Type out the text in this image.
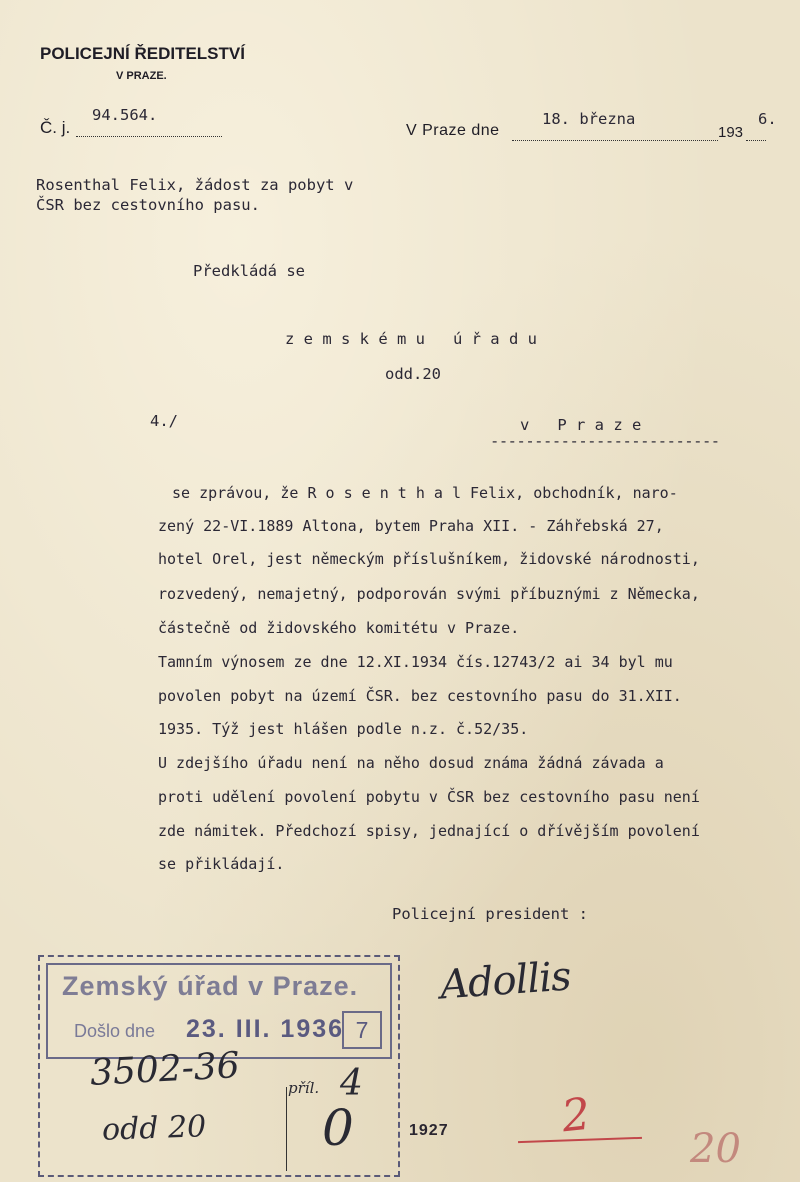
POLICEJNÍ ŘEDITELSTVÍ
V PRAZE.
Č. j.
94.564.
V Praze dne
18. března
193
6.
Rosenthal Felix, žádost za pobyt v
ČSR bez cestovního pasu.
Předkládá se
z e m s k é m u   ú ř a d u
odd.20
4./	v   P r a z e
--------------------------
se zprávou, že R o s e n t h a l Felix, obchodník, naro-
zený 22-VI.1889 Altona, bytem Praha XII. - Záhřebská 27,
hotel Orel, jest německým příslušníkem, židovské národnosti,
rozvedený, nemajetný, podporován svými příbuznými z Německa,
částečně od židovského komitétu v Praze.
Tamním výnosem ze dne 12.XI.1934 čís.12743/2 ai 34 byl mu
povolen pobyt na území ČSR. bez cestovního pasu do 31.XII.
1935. Týž jest hlášen podle n.z. č.52/35.
U zdejšího úřadu není na něho dosud známa žádná závada a
proti udělení povolení pobytu v ČSR bez cestovního pasu není
zde námitek. Předchozí spisy, jednající o dřívějším povolení
se přikládají.
Policejní president :
Adollis
Zemský úřad v Praze.
Došlo dne 23. III. 1936 7
3502-36	příl. 4
odd 20 0	1927	2
20
